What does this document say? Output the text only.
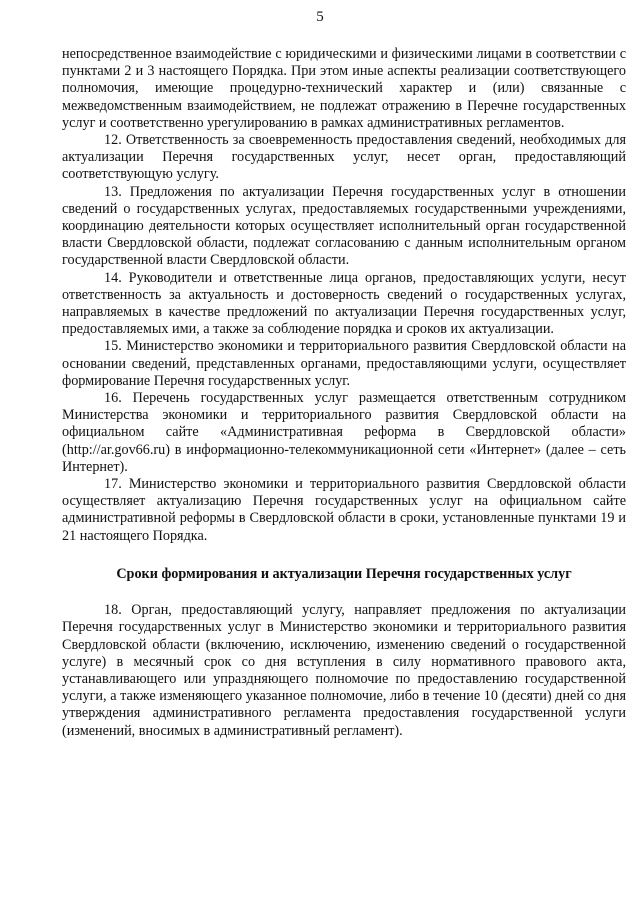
5

непосредственное взаимодействие с юридическими и физическими лицами в соответствии с пунктами 2 и 3 настоящего Порядка. При этом иные аспекты реализации соответствующего полномочия, имеющие процедурно-технический характер и (или) связанные с межведомственным взаимодействием, не подлежат отражению в Перечне государственных услуг и соответственно урегулированию в рамках административных регламентов.

12. Ответственность за своевременность предоставления сведений, необходимых для актуализации Перечня государственных услуг, несет орган, предоставляющий соответствующую услугу.

13. Предложения по актуализации Перечня государственных услуг в отношении сведений о государственных услугах, предоставляемых государственными учреждениями, координацию деятельности которых осуществляет исполнительный орган государственной власти Свердловской области, подлежат согласованию с данным исполнительным органом государственной власти Свердловской области.

14. Руководители и ответственные лица органов, предоставляющих услуги, несут ответственность за актуальность и достоверность сведений о государственных услугах, направляемых в качестве предложений по актуализации Перечня государственных услуг, предоставляемых ими, а также за соблюдение порядка и сроков их актуализации.

15. Министерство экономики и территориального развития Свердловской области на основании сведений, представленных органами, предоставляющими услуги, осуществляет формирование Перечня государственных услуг.

16. Перечень государственных услуг размещается ответственным сотрудником Министерства экономики и территориального развития Свердловской области на официальном сайте «Административная реформа в Свердловской области» (http://ar.gov66.ru) в информационно-телекоммуникационной сети «Интернет» (далее – сеть Интернет).

17. Министерство экономики и территориального развития Свердловской области осуществляет актуализацию Перечня государственных услуг на официальном сайте административной реформы в Свердловской области в сроки, установленные пунктами 19 и 21 настоящего Порядка.

Сроки формирования и актуализации Перечня государственных услуг

18. Орган, предоставляющий услугу, направляет предложения по актуализации Перечня государственных услуг в Министерство экономики и территориального развития Свердловской области (включению, исключению, изменению сведений о государственной услуге) в месячный срок со дня вступления в силу нормативного правового акта, устанавливающего или упраздняющего полномочие по предоставлению государственной услуги, а также изменяющего указанное полномочие, либо в течение 10 (десяти) дней со дня утверждения административного регламента предоставления государственной услуги (изменений, вносимых в административный регламент).
